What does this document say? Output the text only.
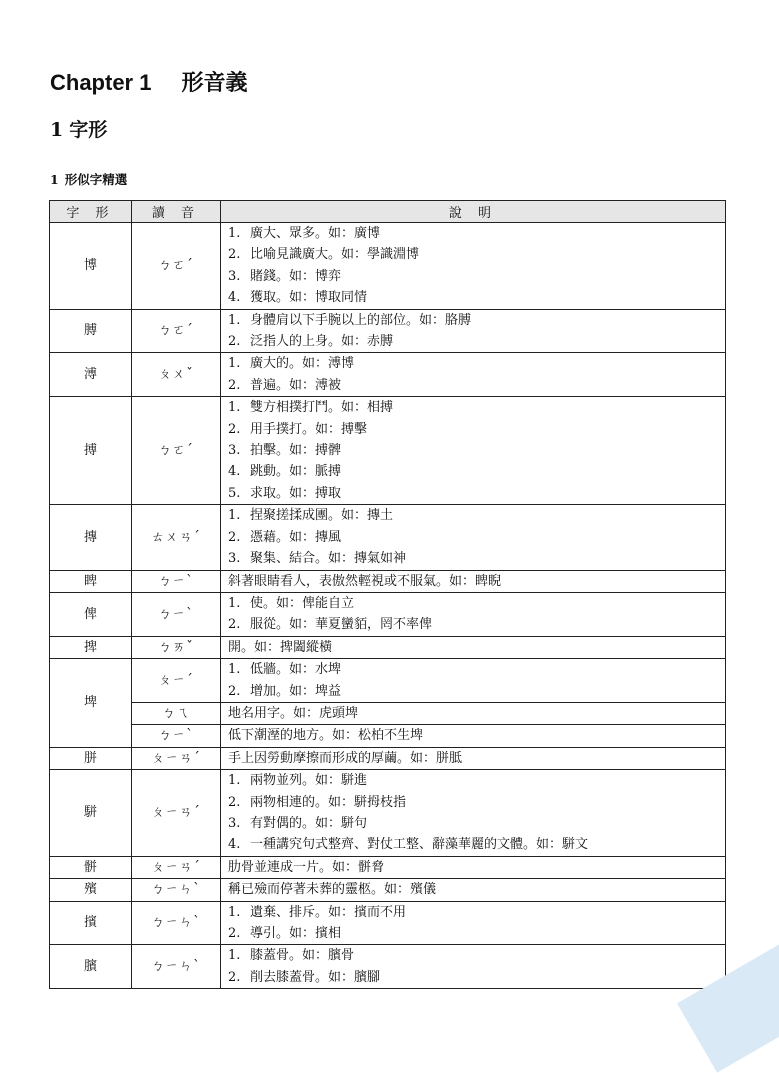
Chapter 1 形音義
1 字形
1 形似字精選
字 形	讀 音	說 明
博	ㄅㄛˊ	1. 廣大、眾多。如：廣博
2. 比喻見識廣大。如：學識淵博
3. 賭錢。如：博弈
4. 獲取。如：博取同情

膊	ㄅㄛˊ	1. 身體肩以下手腕以上的部位。如：胳膊
2. 泛指人的上身。如：赤膊

溥	ㄆㄨˇ	1. 廣大的。如：溥博
2. 普遍。如：溥被

搏	ㄅㄛˊ	1. 雙方相撲打鬥。如：相搏
2. 用手撲打。如：搏擊
3. 拍擊。如：搏髀
4. 跳動。如：脈搏
5. 求取。如：搏取

摶	ㄊㄨㄢˊ	1. 捏聚搓揉成團。如：摶土
2. 憑藉。如：摶風
3. 聚集、結合。如：摶氣如神

睥	ㄅㄧˋ	斜著眼睛看人，表傲然輕視或不服氣。如：睥睨

俾	ㄅㄧˋ	1. 使。如：俾能自立
2. 服從。如：華夏蠻貊，罔不率俾

捭	ㄅㄞˇ	開。如：捭闔縱橫

埤	ㄆㄧˊ	1. 低牆。如：水埤
2. 增加。如：埤益

	ㄅㄟ	地名用字。如：虎頭埤

	ㄅㄧˋ	低下潮溼的地方。如：松柏不生埤

胼	ㄆㄧㄢˊ	手上因勞動摩擦而形成的厚繭。如：胼胝

駢	ㄆㄧㄢˊ	1. 兩物並列。如：駢進
2. 兩物相連的。如：駢拇枝指
3. 有對偶的。如：駢句
4. 一種講究句式整齊、對仗工整、辭藻華麗的文體。如：駢文

骿	ㄆㄧㄢˊ	肋骨並連成一片。如：骿脅

殯	ㄅㄧㄣˋ	稱已殮而停著未葬的靈柩。如：殯儀

擯	ㄅㄧㄣˋ	1. 遺棄、排斥。如：擯而不用
2. 導引。如：擯相

臏	ㄅㄧㄣˋ	1. 膝蓋骨。如：臏骨
2. 削去膝蓋骨。如：臏腳
